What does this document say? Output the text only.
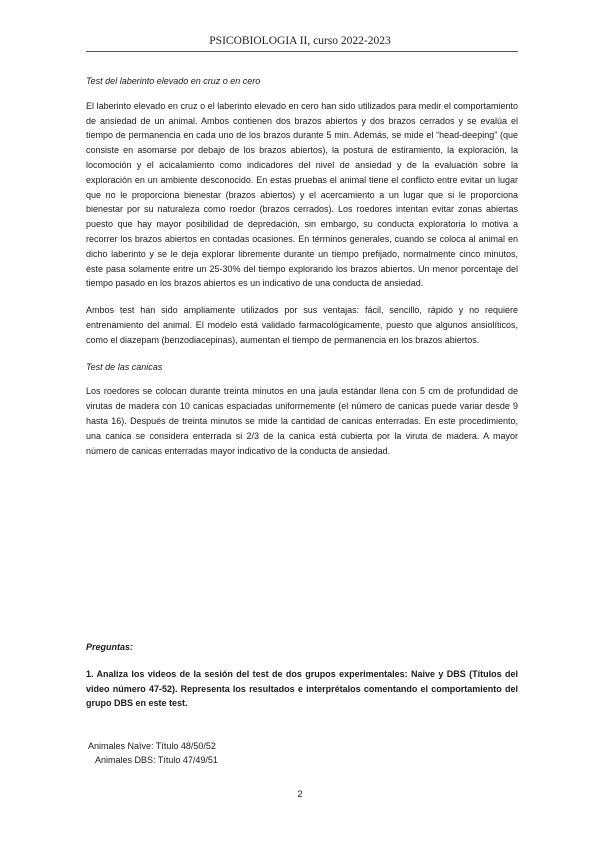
PSICOBIOLOGIA II, curso 2022-2023

Test del laberinto elevado en cruz o en cero

El laberinto elevado en cruz o el laberinto elevado en cero han sido utilizados para medir el comportamiento de ansiedad de un animal. Ambos contienen dos brazos abiertos y dos brazos cerrados y se evalúa el tiempo de permanencia en cada uno de los brazos durante 5 min. Además, se mide el “head-deeping” (que consiste en asomarse por debajo de los brazos abiertos), la postura de estiramiento, la exploración, la locomoción y el acicalamiento como indicadores del nivel de ansiedad y de la evaluación sobre la exploración en un ambiente desconocido. En estas pruebas el animal tiene el conflicto entre evitar un lugar que no le proporciona bienestar (brazos abiertos) y el acercamiento a un lugar que si le proporciona bienestar por su naturaleza como roedor (brazos cerrados). Los roedores intentan evitar zonas abiertas puesto que hay mayor posibilidad de depredación, sin embargo, su conducta exploratoria lo motiva a recorrer los brazos abiertos en contadas ocasiones. En términos generales, cuando se coloca al animal en dicho laberinto y se le deja explorar libremente durante un tiempo prefijado, normalmente cinco minutos, éste pasa solamente entre un 25-30% del tiempo explorando los brazos abiertos. Un menor porcentaje del tiempo pasado en los brazos abiertos es un indicativo de una conducta de ansiedad.

Ambos test han sido ampliamente utilizados por sus ventajas: fácil, sencillo, rápido y no requiere entrenamiento del animal. El modelo está validado farmacológicamente, puesto que algunos ansiolíticos, como el diazepam (benzodiacepinas), aumentan el tiempo de permanencia en los brazos abiertos.

Test de las canicas

Los roedores se colocan durante treinta minutos en una jaula estándar llena con 5 cm de profundidad de virutas de madera con 10 canicas espaciadas uniformemente (el número de canicas puede variar desde 9 hasta 16). Después de treinta minutos se mide la cantidad de canicas enterradas. En este procedimiento, una canica se considera enterrada si 2/3 de la canica está cubierta por la viruta de madera. A mayor número de canicas enterradas mayor indicativo de la conducta de ansiedad.

Preguntas:

1. Analiza los videos de la sesión del test de dos grupos experimentales: Naive y DBS (Títulos del video número 47-52). Representa los resultados e interprétalos comentando el comportamiento del grupo DBS en este test.

Animales Naïve: Título 48/50/52
Animales DBS: Título 47/49/51
2
